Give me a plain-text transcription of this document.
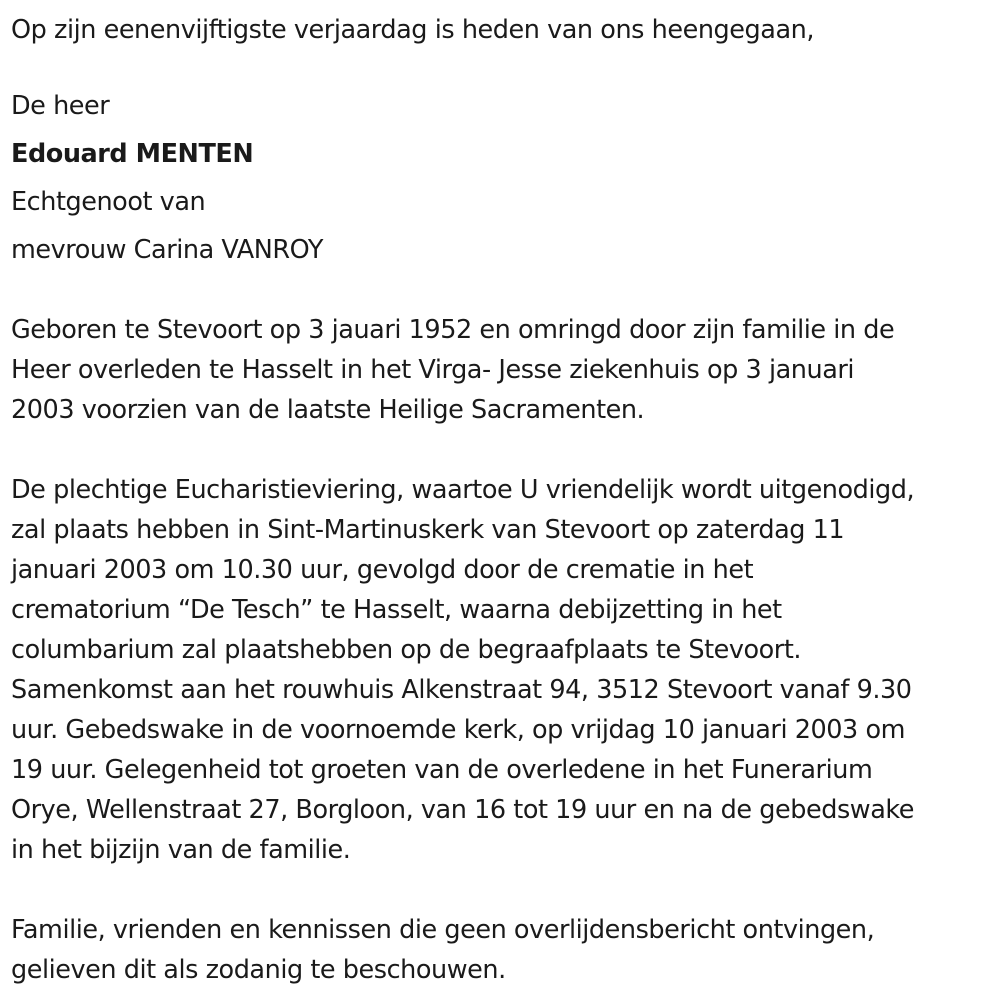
Op zijn eenenvijftigste verjaardag is heden van ons heengegaan,

De heer

Edouard MENTEN

Echtgenoot van

mevrouw Carina VANROY

Geboren te Stevoort op 3 jauari 1952 en omringd door zijn familie in de

Heer overleden te Hasselt in het Virga- Jesse ziekenhuis op 3 januari

2003 voorzien van de laatste Heilige Sacramenten.

De plechtige Eucharistieviering, waartoe U vriendelijk wordt uitgenodigd,

zal plaats hebben in Sint-Martinuskerk van Stevoort op zaterdag 11

januari 2003 om 10.30 uur, gevolgd door de crematie in het

crematorium “De Tesch” te Hasselt, waarna debijzetting in het

columbarium zal plaatshebben op de begraafplaats te Stevoort.

Samenkomst aan het rouwhuis Alkenstraat 94, 3512 Stevoort vanaf 9.30

uur. Gebedswake in de voornoemde kerk, op vrijdag 10 januari 2003 om

19 uur. Gelegenheid tot groeten van de overledene in het Funerarium

Orye, Wellenstraat 27, Borgloon, van 16 tot 19 uur en na de gebedswake

in het bijzijn van de familie.

Familie, vrienden en kennissen die geen overlijdensbericht ontvingen,

gelieven dit als zodanig te beschouwen.
